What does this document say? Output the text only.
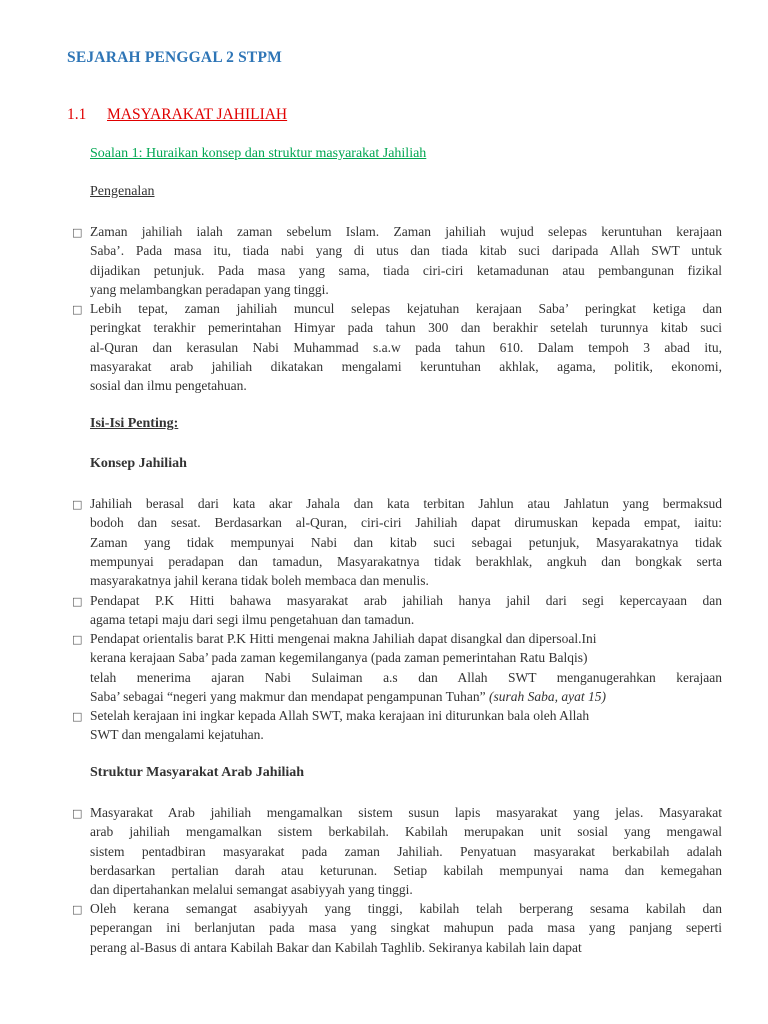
SEJARAH PENGGAL 2 STPM
1.1 MASYARAKAT JAHILIAH
Soalan 1: Huraikan konsep dan struktur masyarakat Jahiliah
Pengenalan
□ Zaman jahiliah ialah zaman sebelum Islam. Zaman jahiliah wujud selepas keruntuhan kerajaan
Saba’. Pada masa itu, tiada nabi yang di utus dan tiada kitab suci daripada Allah SWT untuk
dijadikan petunjuk. Pada masa yang sama, tiada ciri-ciri ketamadunan atau pembangunan fizikal
yang melambangkan peradapan yang tinggi.
□ Lebih tepat, zaman jahiliah muncul selepas kejatuhan kerajaan Saba’ peringkat ketiga dan
peringkat terakhir pemerintahan Himyar pada tahun 300 dan berakhir setelah turunnya kitab suci
al-Quran dan kerasulan Nabi Muhammad s.a.w pada tahun 610. Dalam tempoh 3 abad itu,
masyarakat arab jahiliah dikatakan mengalami keruntuhan akhlak, agama, politik, ekonomi,
sosial dan ilmu pengetahuan.
Isi-Isi Penting:
Konsep Jahiliah
□ Jahiliah berasal dari kata akar Jahala dan kata terbitan Jahlun atau Jahlatun yang bermaksud
bodoh dan sesat. Berdasarkan al-Quran, ciri-ciri Jahiliah dapat dirumuskan kepada empat, iaitu:
Zaman yang tidak mempunyai Nabi dan kitab suci sebagai petunjuk, Masyarakatnya tidak
mempunyai peradapan dan tamadun, Masyarakatnya tidak berakhlak, angkuh dan bongkak serta
masyarakatnya jahil kerana tidak boleh membaca dan menulis.
□ Pendapat P.K Hitti bahawa masyarakat arab jahiliah hanya jahil dari segi kepercayaan dan
agama tetapi maju dari segi ilmu pengetahuan dan tamadun.
□ Pendapat orientalis barat P.K Hitti mengenai makna Jahiliah dapat disangkal dan dipersoal.Ini
kerana kerajaan Saba’ pada zaman kegemilanganya (pada zaman pemerintahan Ratu Balqis)
telah menerima ajaran Nabi Sulaiman a.s dan Allah SWT menganugerahkan kerajaan
Saba’ sebagai “negeri yang makmur dan mendapat pengampunan Tuhan” (surah Saba, ayat 15)
□ Setelah kerajaan ini ingkar kepada Allah SWT, maka kerajaan ini diturunkan bala oleh Allah
SWT dan mengalami kejatuhan.
Struktur Masyarakat Arab Jahiliah
□ Masyarakat Arab jahiliah mengamalkan sistem susun lapis masyarakat yang jelas. Masyarakat
arab jahiliah mengamalkan sistem berkabilah. Kabilah merupakan unit sosial yang mengawal
sistem pentadbiran masyarakat pada zaman Jahiliah. Penyatuan masyarakat berkabilah adalah
berdasarkan pertalian darah atau keturunan. Setiap kabilah mempunyai nama dan kemegahan
dan dipertahankan melalui semangat asabiyyah yang tinggi.
□ Oleh kerana semangat asabiyyah yang tinggi, kabilah telah berperang sesama kabilah dan
peperangan ini berlanjutan pada masa yang singkat mahupun pada masa yang panjang seperti
perang al-Basus di antara Kabilah Bakar dan Kabilah Taghlib. Sekiranya kabilah lain dapat
